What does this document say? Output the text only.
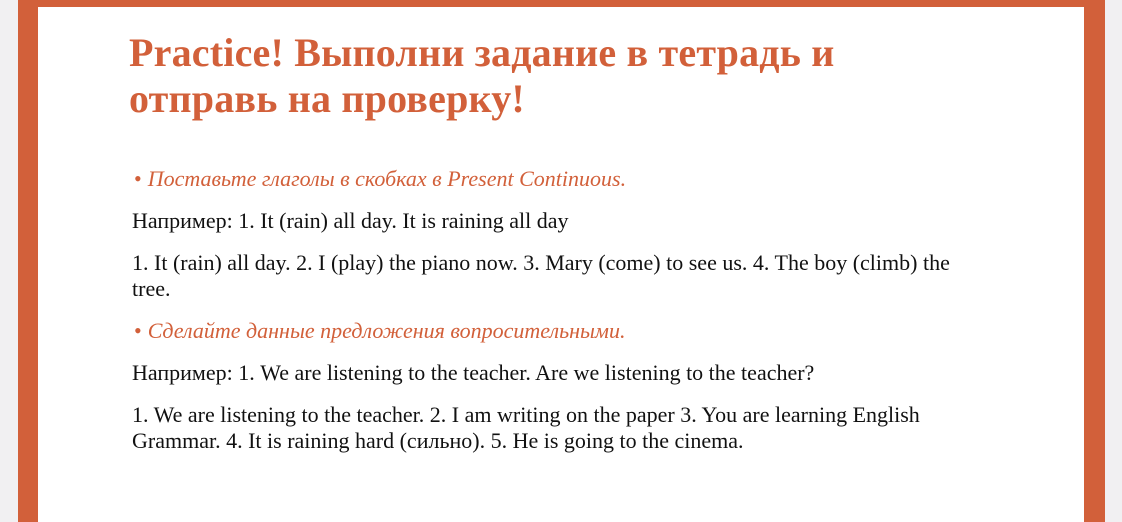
Practice! Выполни задание в тетрадь и отправь на проверку!
• Поставьте глаголы в скобках в Present Continuous.
Например: 1. It (rain) all day. It is raining all day
1. It (rain) all day. 2. I (play) the piano now. 3. Mary (come) to see us. 4. The boy (climb) the tree.
• Сделайте данные предложения вопросительными.
Например: 1. We are listening to the teacher. Are we listening to the teacher?
1. We are listening to the teacher. 2. I am writing on the paper 3. You are learning English Grammar. 4. It is raining hard (сильно). 5. He is going to the cinema.
